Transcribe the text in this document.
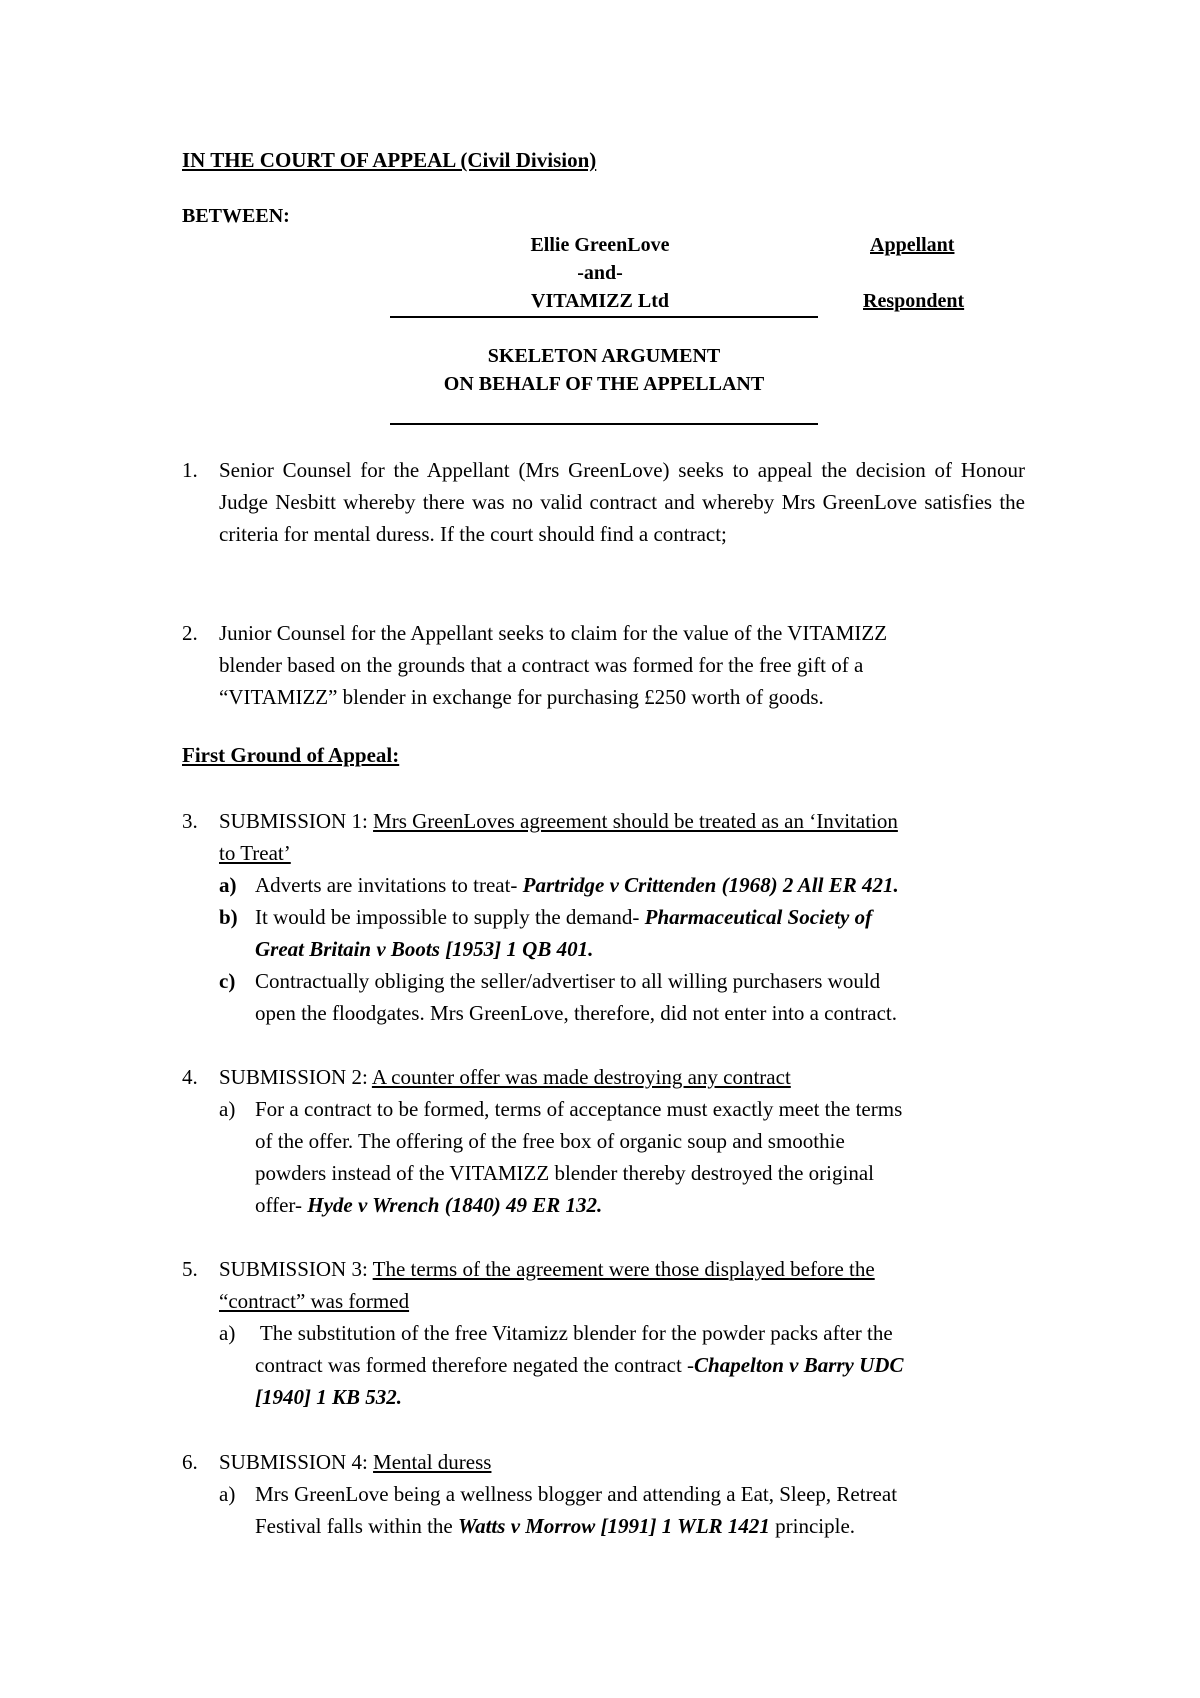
IN THE COURT OF APPEAL (Civil Division)
BETWEEN:
Ellie GreenLove	Appellant
-and-
VITAMIZZ Ltd	Respondent
SKELETON ARGUMENT
ON BEHALF OF THE APPELLANT
1. Senior Counsel for the Appellant (Mrs GreenLove) seeks to appeal the decision of Honour Judge Nesbitt whereby there was no valid contract and whereby Mrs GreenLove satisfies the criteria for mental duress. If the court should find a contract;
2. Junior Counsel for the Appellant seeks to claim for the value of the VITAMIZZ
blender based on the grounds that a contract was formed for the free gift of a
“VITAMIZZ” blender in exchange for purchasing £250 worth of goods.
First Ground of Appeal:
3. SUBMISSION 1: Mrs GreenLoves agreement should be treated as an ‘Invitation
to Treat’
a) Adverts are invitations to treat- Partridge v Crittenden (1968) 2 All ER 421.
b) It would be impossible to supply the demand- Pharmaceutical Society of
Great Britain v Boots [1953] 1 QB 401.
c) Contractually obliging the seller/advertiser to all willing purchasers would
open the floodgates. Mrs GreenLove, therefore, did not enter into a contract.
4. SUBMISSION 2: A counter offer was made destroying any contract
a) For a contract to be formed, terms of acceptance must exactly meet the terms
of the offer. The offering of the free box of organic soup and smoothie
powders instead of the VITAMIZZ blender thereby destroyed the original
offer- Hyde v Wrench (1840) 49 ER 132.
5. SUBMISSION 3: The terms of the agreement were those displayed before the
“contract” was formed
a) The substitution of the free Vitamizz blender for the powder packs after the
contract was formed therefore negated the contract -Chapelton v Barry UDC
[1940] 1 KB 532.
6. SUBMISSION 4: Mental duress
a) Mrs GreenLove being a wellness blogger and attending a Eat, Sleep, Retreat
Festival falls within the Watts v Morrow [1991] 1 WLR 1421 principle.
